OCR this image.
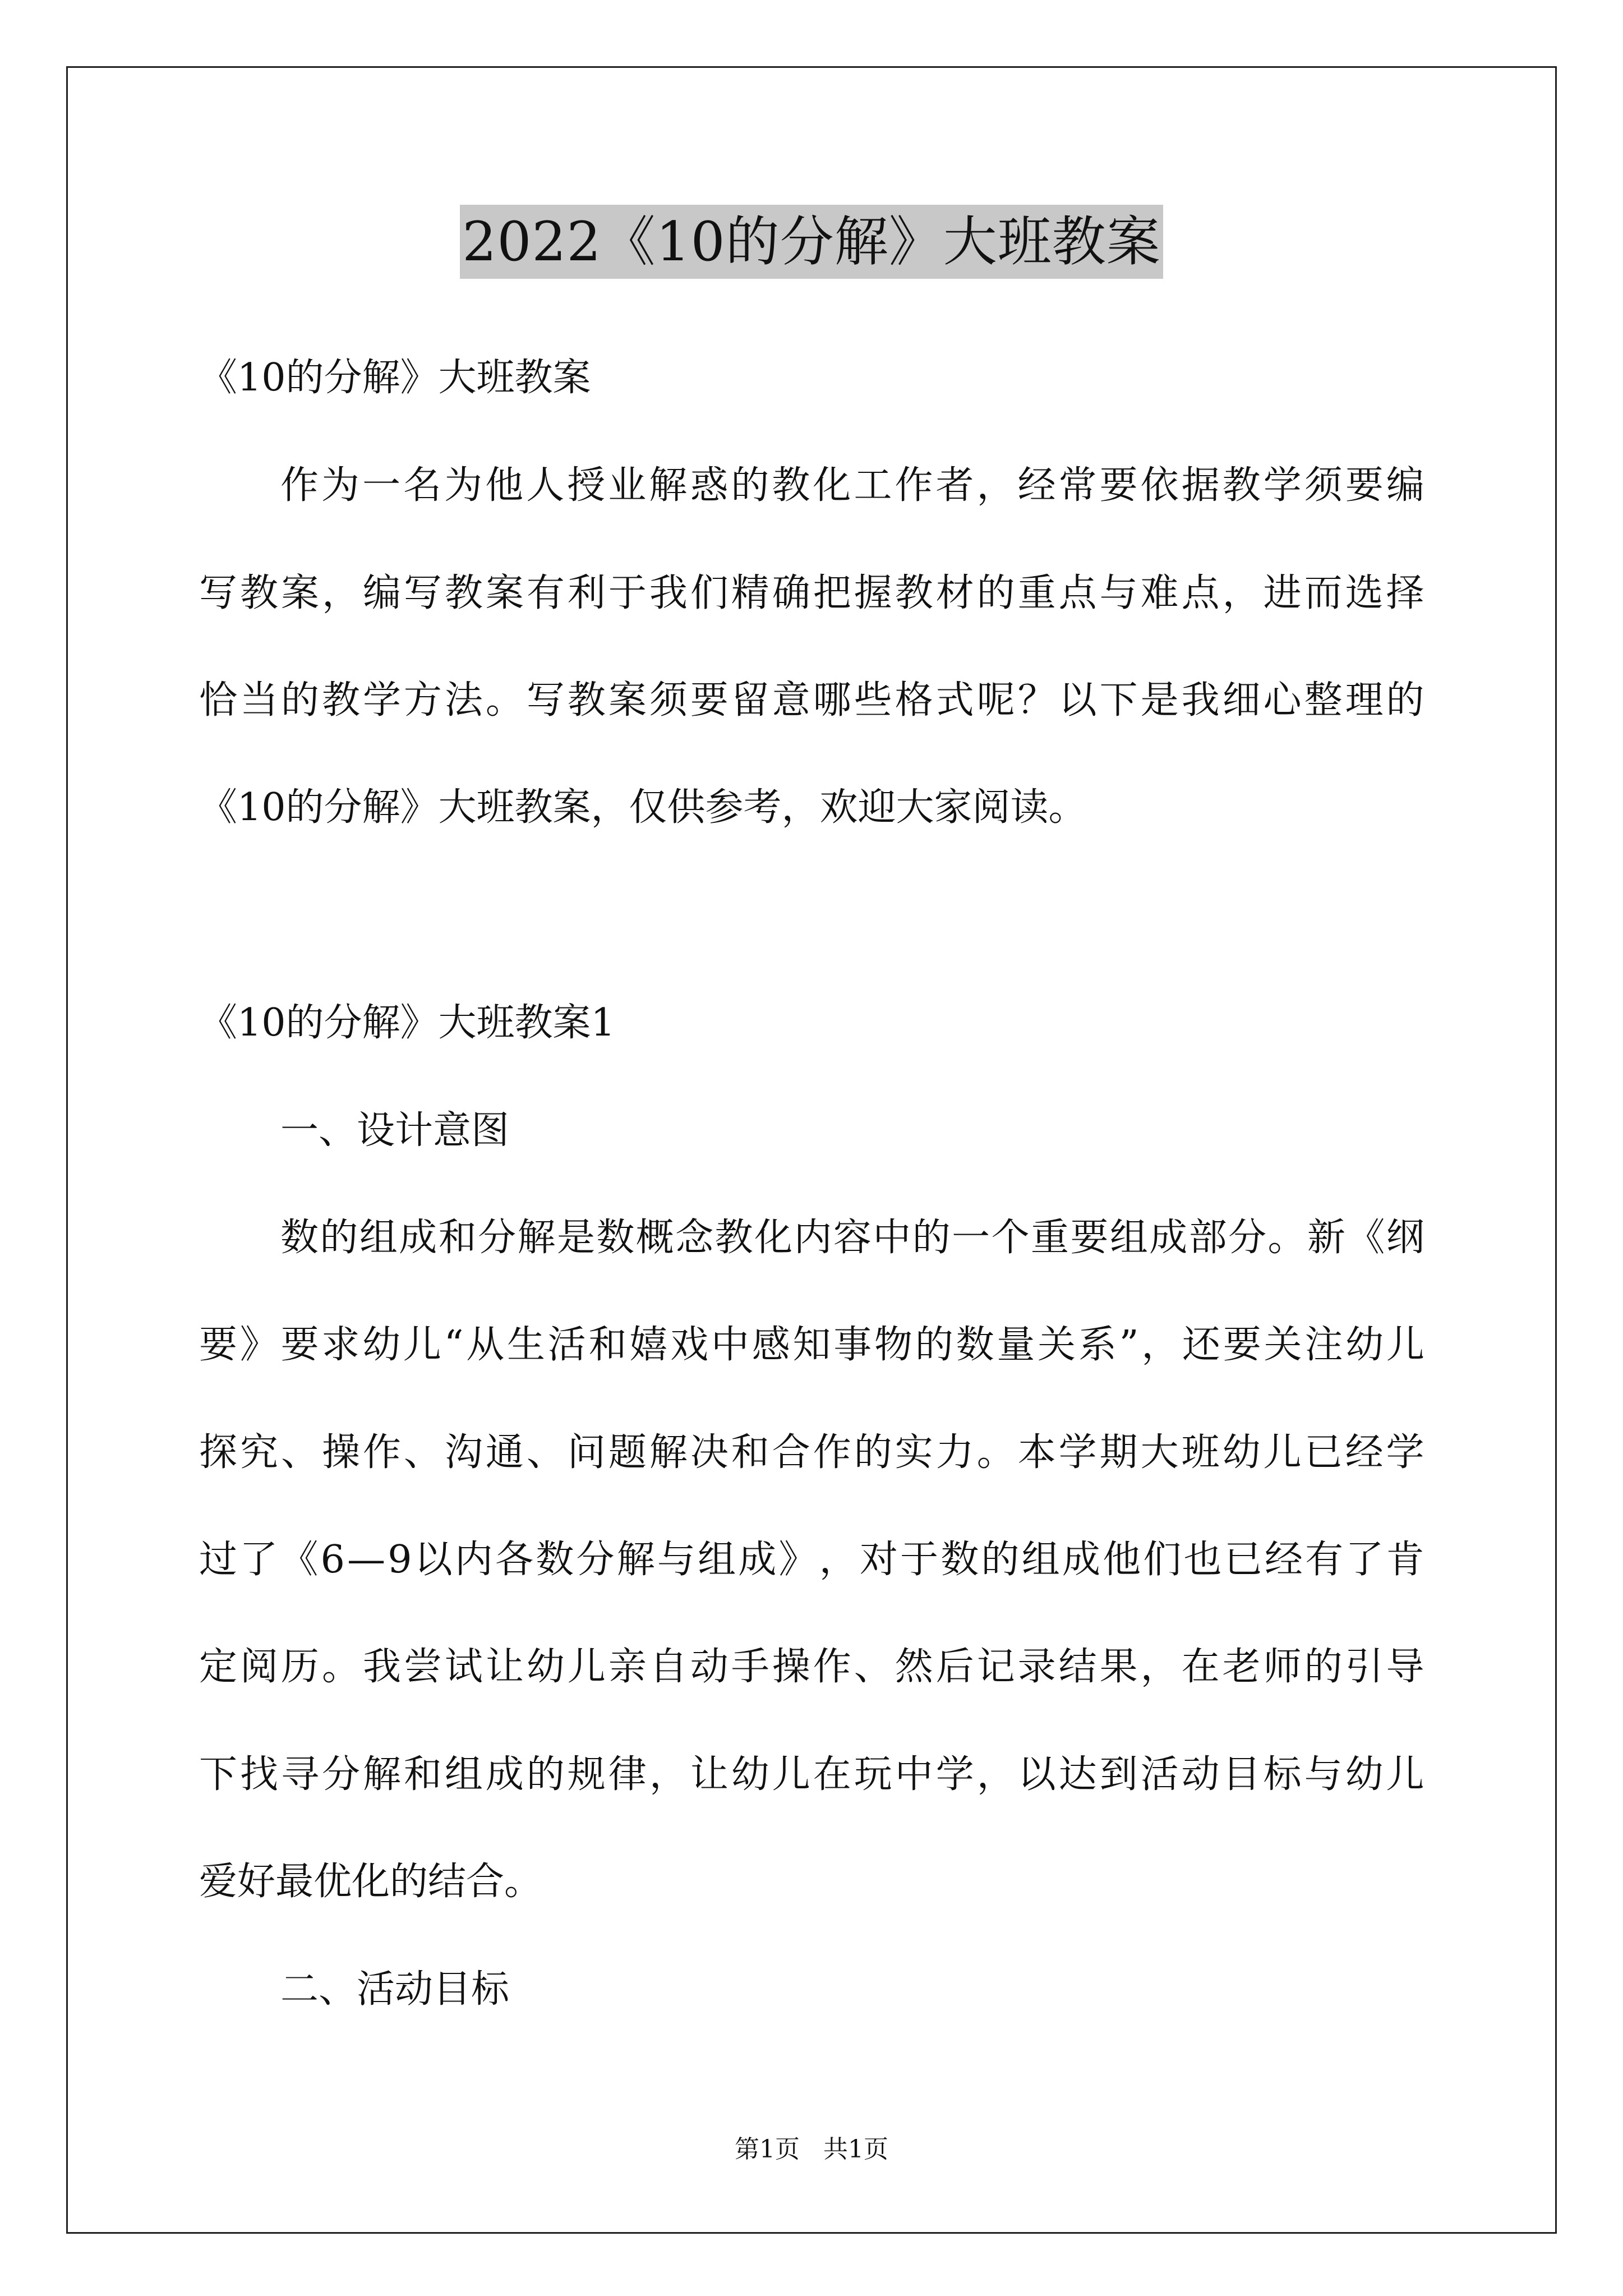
2022《10的分解》大班教案
《10的分解》大班教案
作 为 一 名 为 他 人 授 业 解 惑 的 教 化 工 作 者 ， 经 常 要 依 据 教 学 须 要 编
写 教 案 ， 编 写 教 案 有 利 于 我 们 精 确 把 握 教 材 的 重 点 与 难 点 ， 进 而 选 择
恰 当 的 教 学 方 法 。 写 教 案 须 要 留 意 哪 些 格 式 呢 ？ 以 下 是 我 细 心 整 理 的
《10的分解》大班教案，仅供参考，欢迎大家阅读。
《10的分解》大班教案1
一、设计意图
数 的 组 成 和 分 解 是 数 概 念 教 化 内 容 中 的 一 个 重 要 组 成 部 分 。 新 《 纲
要 》 要 求 幼 儿 “ 从 生 活 和 嬉 戏 中 感 知 事 物 的 数 量 关 系 ” ， 还 要 关 注 幼 儿
探 究 、 操 作 、 沟 通 、 问 题 解 决 和 合 作 的 实 力 。 本 学 期 大 班 幼 儿 已 经 学
过 了 《 6 — 9 以 内 各 数 分 解 与 组 成 》 ， 对 于 数 的 组 成 他 们 也 已 经 有 了 肯
定 阅 历 。 我 尝 试 让 幼 儿 亲 自 动 手 操 作 、 然 后 记 录 结 果 ， 在 老 师 的 引 导
下 找 寻 分 解 和 组 成 的 规 律 ， 让 幼 儿 在 玩 中 学 ， 以 达 到 活 动 目 标 与 幼 儿
爱好最优化的结合。
二、活动目标
第1页   共1页
